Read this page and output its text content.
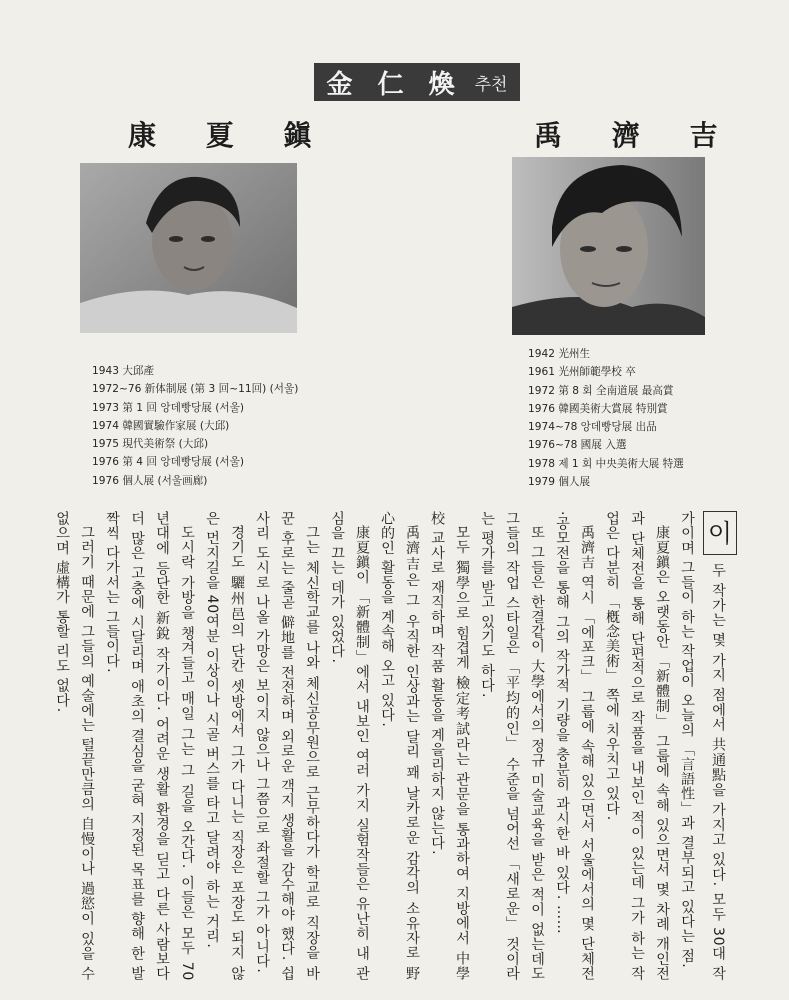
金 仁 煥 추천
康 夏 鎭	禹 濟 吉
1943 大邱產
1972~76 新体制展 (第 3 回~11回) (서울)
1973 第 1 回 앙데빵당展 (서울)
1974 韓國實驗作家展 (大邱)
1975 現代美術祭 (大邱)
1976 第 4 回 앙데빵당展 (서울)
1976 個人展 (서울画廊)
1942 光州生
1961 光州師範學校 卒
1972 第 8 회 全南道展 最高賞
1976 韓國美術大賞展 特別賞
1974~78 앙데빵당展 出品
1976~78 國展 入選
1978 제 1 회 中央美術大展 特選
1979 個人展

이두 작가는 몇 가지 점에서 共通點을 가지고 있다. 모두 30대 작가이며 그들이 하는 작업이 오늘의 「言語性」과 결부되고 있다는 점.

康夏鎭은 오랫동안 「新體制」 그룹에 속해 있으면서 몇 차례 개인전과 단체전을 통해 단편적으로 작품을 내보인 적이 있는데 그가 하는 작업은 다분히 「槪念美術」 쪽에 치우치고 있다.

禹濟吉 역시 「에포크」 그룹에 속해 있으면서 서울에서의 몇 단체전·공모전을 통해 그의 작가적 기량을 충분히 과시한 바 있다. ……

또 그들은 한결같이 大學에서의 정규 미술교육을 받은 적이 없는데도 그들의 작업 스타일은 「平均的인」 수준을 넘어선 「새로운」 것이라는 평가를 받고 있기도 하다.

모두 獨學으로 힘겹게 檢定考試라는 관문을 통과하여 지방에서 中學校 교사로 재직하며 작품 활동을 계을리하지 않는다.

禹濟吉은 그 우직한 인상과는 달리 꽤 날카로운 감각의 소유자로 野心的인 활동을 계속해 오고 있다.

康夏鎭이 「新體制」에서 내보인 여러 가지 실험작들은 유난히 내 관심을 끄는 데가 있었다.

그는 체신학교를 나와 체신공무원으로 근무하다가 학교로 직장을 바꾼 후로는 줄곧 僻地를 전전하며 외로운 객지 생활을 감수해야 했다. 쉽사리 도시로 나올 가망은 보이지 않으나 그쯤으로 좌절할 그가 아니다.

경기도 驪州邑의 단칸 셋방에서 그가 다니는 직장은 포장도 되지 않은 먼지길을 40여분 이상이나 시골 버스를 타고 달려야 하는 거리.

도시락 가방을 챙겨들고 매일 그는 그 길을 오간다. 이들은 모두 70년대에 등단한 新銳 작가이다. 어려운 생활 환경을 딛고 다른 사람보다 더 많은 고충에 시달리며 애초의 결심을 굳혀 지정된 목표를 향해 한 발짝씩 다가서는 그들이다.

그러기 때문에 그들의 예술에는 털끝만큼의 自慢이나 過慾이 있을 수 없으며 虛構가 통할 리도 없다.
